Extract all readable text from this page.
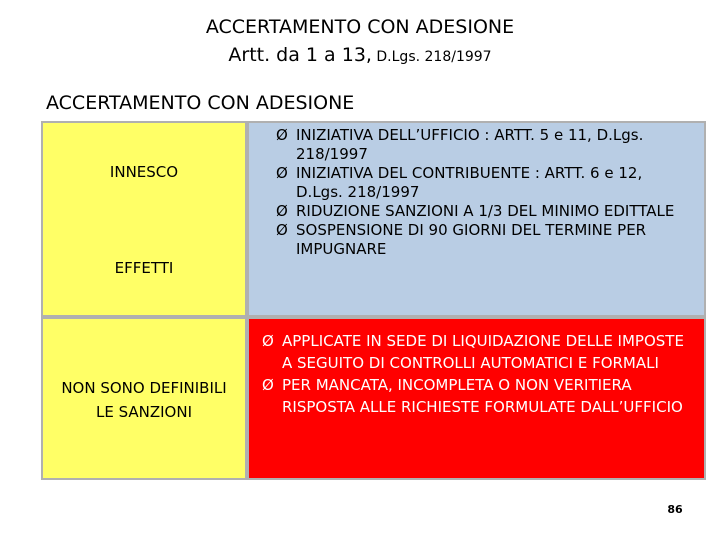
ACCERTAMENTO CON ADESIONE
Artt. da 1 a 13, D.Lgs. 218/1997
ACCERTAMENTO CON ADESIONE
INNESCO
EFFETTI
NON SONO DEFINIBILI
LE SANZIONI
Ø INIZIATIVA DELL’UFFICIO : ARTT. 5 e 11, D.Lgs. 218/1997
Ø INIZIATIVA DEL CONTRIBUENTE : ARTT. 6 e 12, D.Lgs. 218/1997
Ø RIDUZIONE SANZIONI A 1/3 DEL MINIMO EDITTALE
Ø SOSPENSIONE DI 90 GIORNI DEL TERMINE PER IMPUGNARE
Ø APPLICATE IN SEDE DI LIQUIDAZIONE DELLE IMPOSTE A SEGUITO DI CONTROLLI AUTOMATICI E FORMALI
Ø PER MANCATA, INCOMPLETA O NON VERITIERA RISPOSTA ALLE RICHIESTE FORMULATE DALL’UFFICIO
86
